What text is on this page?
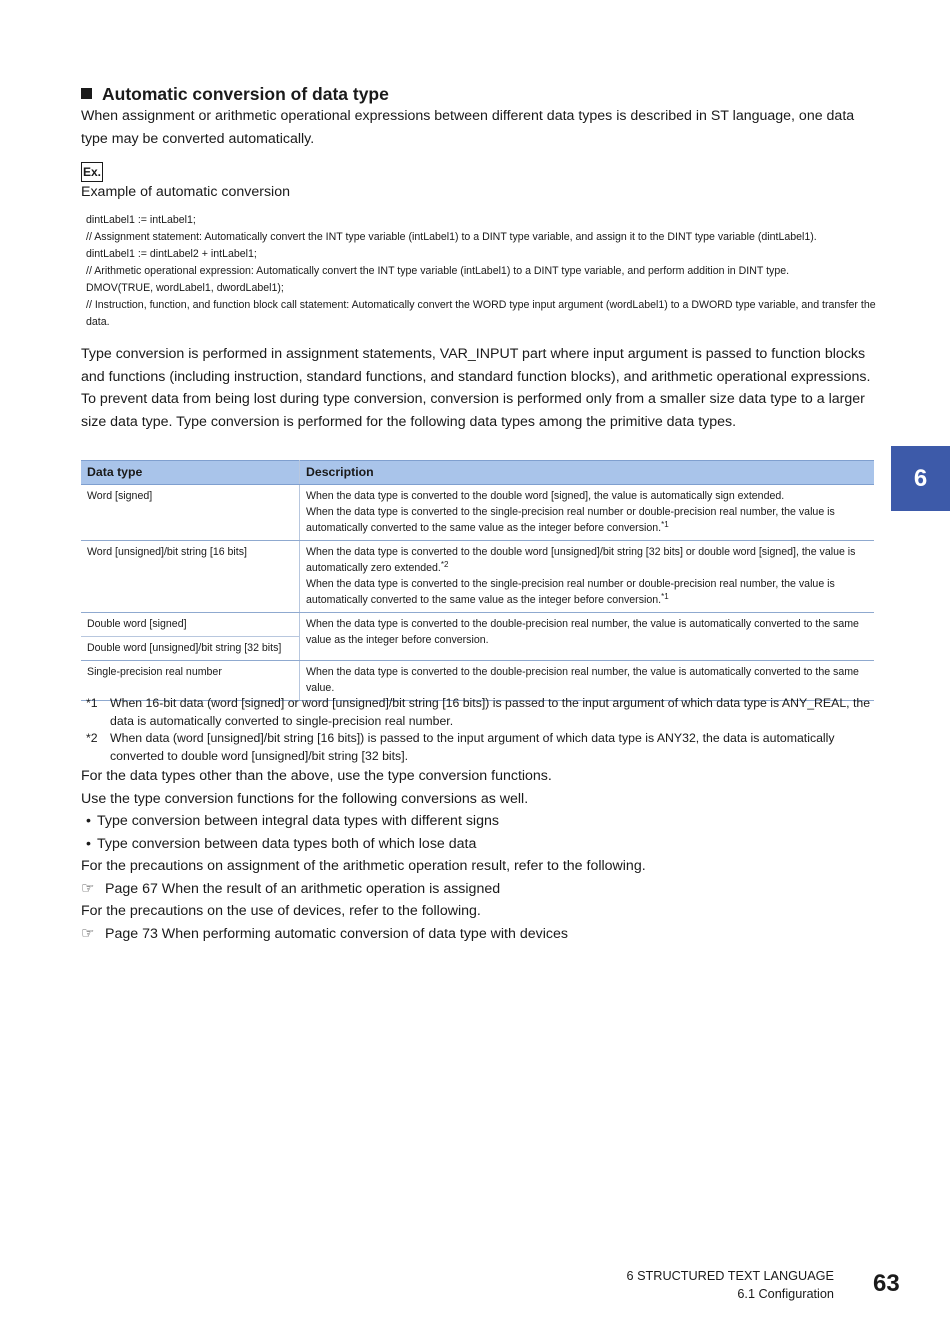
Automatic conversion of data type
When assignment or arithmetic operational expressions between different data types is described in ST language, one data type may be converted automatically.
Ex.
Example of automatic conversion
dintLabel1 := intLabel1;
// Assignment statement: Automatically convert the INT type variable (intLabel1) to a DINT type variable, and assign it to the DINT type variable (dintLabel1).
dintLabel1 := dintLabel2 + intLabel1;
// Arithmetic operational expression: Automatically convert the INT type variable (intLabel1) to a DINT type variable, and perform addition in DINT type.
DMOV(TRUE, wordLabel1, dwordLabel1);
// Instruction, function, and function block call statement: Automatically convert the WORD type input argument (wordLabel1) to a DWORD type variable, and transfer the data.
Type conversion is performed in assignment statements, VAR_INPUT part where input argument is passed to function blocks and functions (including instruction, standard functions, and standard function blocks), and arithmetic operational expressions.
To prevent data from being lost during type conversion, conversion is performed only from a smaller size data type to a larger size data type. Type conversion is performed for the following data types among the primitive data types.
Data type	Description
Word [signed]	When the data type is converted to the double word [signed], the value is automatically sign extended.
When the data type is converted to the single-precision real number or double-precision real number, the value is automatically converted to the same value as the integer before conversion.$^{*1}$

Word [unsigned]/bit string [16 bits]	When the data type is converted to the double word [unsigned]/bit string [32 bits] or double word [signed], the value is automatically zero extended.$^{*2}$
When the data type is converted to the single-precision real number or double-precision real number, the value is automatically converted to the same value as the integer before conversion.$^{*1}$

Double word [signed]	When the data type is converted to the double-precision real number, the value is automatically converted to the same value as the integer before conversion.
Double word [unsigned]/bit string [32 bits]	
Single-precision real number	When the data type is converted to the double-precision real number, the value is automatically converted to the same value.
*1	When 16-bit data (word [signed] or word [unsigned]/bit string [16 bits]) is passed to the input argument of which data type is ANY_REAL, the data is automatically converted to single-precision real number.
*2	When data (word [unsigned]/bit string [16 bits]) is passed to the input argument of which data type is ANY32, the data is automatically converted to double word [unsigned]/bit string [32 bits].
For the data types other than the above, use the type conversion functions.
Use the type conversion functions for the following conversions as well.
• Type conversion between integral data types with different signs
• Type conversion between data types both of which lose data
For the precautions on assignment of the arithmetic operation result, refer to the following.
☞ Page 67 When the result of an arithmetic operation is assigned
For the precautions on the use of devices, refer to the following.
☞ Page 73 When performing automatic conversion of data type with devices
6
6 STRUCTURED TEXT LANGUAGE
6.1 Configuration 63
